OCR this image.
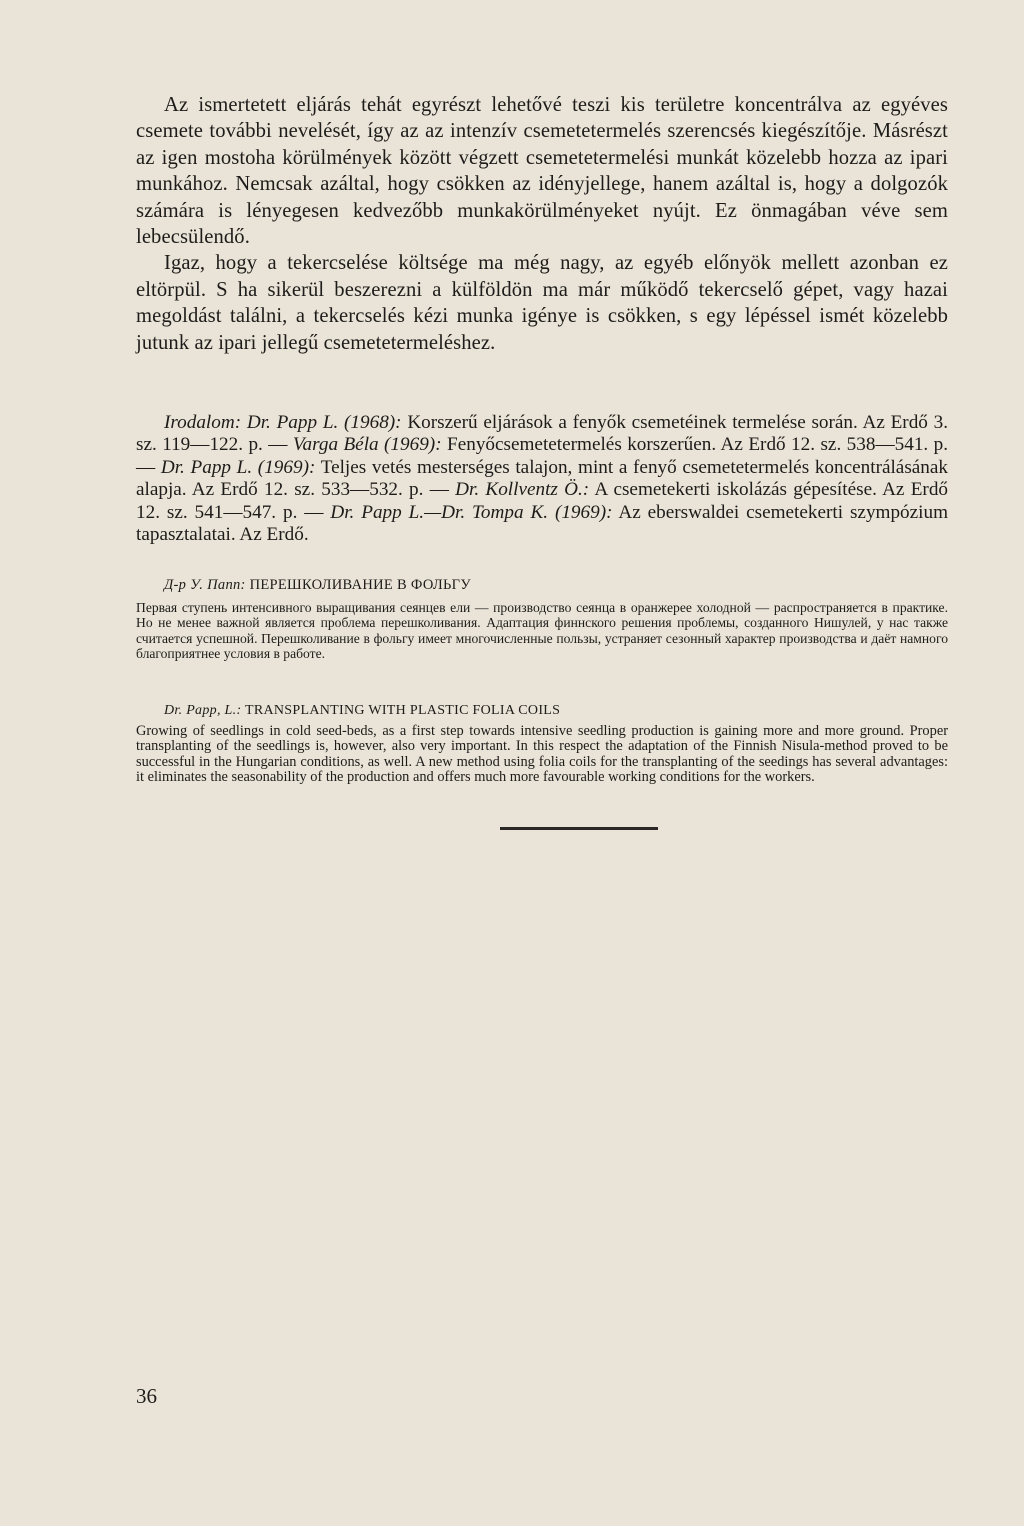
Az ismertetett eljárás tehát egyrészt lehetővé teszi kis területre koncentrálva az egyéves csemete további nevelését, így az az intenzív csemetetermelés szerencsés kiegészítője. Másrészt az igen mostoha körülmények között végzett csemetetermelési munkát közelebb hozza az ipari munkához. Nemcsak azáltal, hogy csökken az idényjellege, hanem azáltal is, hogy a dolgozók számára is lényegesen kedvezőbb munkakörülményeket nyújt. Ez önmagában véve sem lebecsülendő.

Igaz, hogy a tekercselése költsége ma még nagy, az egyéb előnyök mellett azonban ez eltörpül. S ha sikerül beszerezni a külföldön ma már működő tekercselő gépet, vagy hazai megoldást találni, a tekercselés kézi munka igénye is csökken, s egy lépéssel ismét közelebb jutunk az ipari jellegű csemetetermeléshez.

Irodalom: Dr. Papp L. (1968): Korszerű eljárások a fenyők csemetéinek termelése során. Az Erdő 3. sz. 119—122. p. — Varga Béla (1969): Fenyőcsemetetermelés korszerűen. Az Erdő 12. sz. 538—541. p. — Dr. Papp L. (1969): Teljes vetés mesterséges talajon, mint a fenyő csemetetermelés koncentrálásának alapja. Az Erdő 12. sz. 533—532. p. — Dr. Kollventz Ö.: A csemetekerti iskolázás gépesítése. Az Erdő 12. sz. 541—547. p. — Dr. Papp L.—Dr. Tompa K. (1969): Az eberswaldei csemetekerti szympózium tapasztalatai. Az Erdő.

Д-р У. Папп: ПЕРЕШКОЛИВАНИЕ В ФОЛЬГУ

Первая ступень интенсивного выращивания сеянцев ели — производство сеянца в оранжерее холодной — распространяется в практике. Но не менее важной является проблема перешколивания. Адаптация финнского решения проблемы, созданного Нишулей, у нас также считается успешной. Перешколивание в фольгу имеет многочисленные пользы, устраняет сезонный характер производства и даёт намного благоприятнее условия в работе.

Dr. Papp, L.: TRANSPLANTING WITH PLASTIC FOLIA COILS

Growing of seedlings in cold seed-beds, as a first step towards intensive seedling production is gaining more and more ground. Proper transplanting of the seedlings is, however, also very important. In this respect the adaptation of the Finnish Nisula-method proved to be successful in the Hungarian conditions, as well. A new method using folia coils for the transplanting of the seedings has several advantages: it eliminates the seasonability of the production and offers much more favourable working conditions for the workers.

36
